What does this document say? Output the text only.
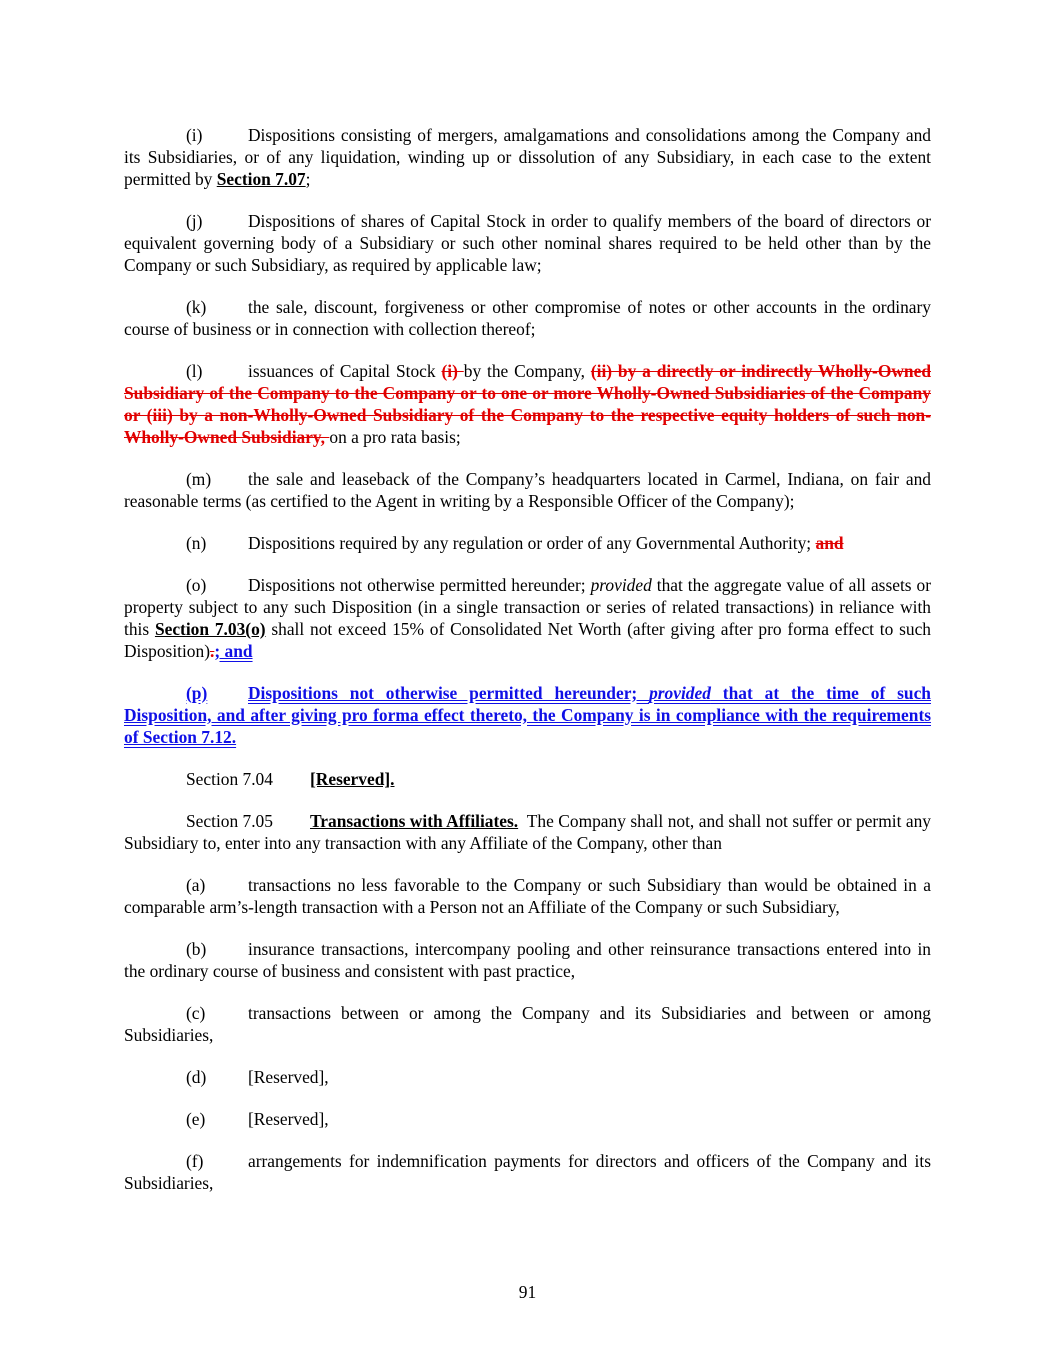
(i)	Dispositions consisting of mergers, amalgamations and consolidations among the Company and its Subsidiaries, or of any liquidation, winding up or dissolution of any Subsidiary, in each case to the extent permitted by Section 7.07;

(j)	Dispositions of shares of Capital Stock in order to qualify members of the board of directors or equivalent governing body of a Subsidiary or such other nominal shares required to be held other than by the Company or such Subsidiary, as required by applicable law;

(k) the sale, discount, forgiveness or other compromise of notes or other accounts in the ordinary course of business or in connection with collection thereof;

(l)	issuances of Capital Stock (i) by the Company, (ii) by a directly or indirectly Wholly-Owned Subsidiary of the Company to the Company or to one or more Wholly-Owned Subsidiaries of the Company or (iii) by a non-Wholly-Owned Subsidiary of the Company to the respective equity holders of such non-Wholly-Owned Subsidiary, on a pro rata basis;

(m) the sale and leaseback of the Company’s headquarters located in Carmel, Indiana, on fair and reasonable terms (as certified to the Agent in writing by a Responsible Officer of the Company);

(n) Dispositions required by any regulation or order of any Governmental Authority; and

(o) Dispositions not otherwise permitted hereunder; provided that the aggregate value of all assets or property subject to any such Disposition (in a single transaction or series of related transactions) in reliance with this Section 7.03(o) shall not exceed 15% of Consolidated Net Worth (after giving after pro forma effect to such Disposition).; and

(p) Dispositions not otherwise permitted hereunder; provided that at the time of such Disposition, and after giving pro forma effect thereto, the Company is in compliance with the requirements of Section 7.12.

Section 7.04 [Reserved].

Section 7.05 Transactions with Affiliates.  The Company shall not, and shall not suffer or permit any Subsidiary to, enter into any transaction with any Affiliate of the Company, other than

(a) transactions no less favorable to the Company or such Subsidiary than would be obtained in a comparable arm’s-length transaction with a Person not an Affiliate of the Company or such Subsidiary,

(b) insurance transactions, intercompany pooling and other reinsurance transactions entered into in the ordinary course of business and consistent with past practice,

(c) transactions between or among the Company and its Subsidiaries and between or among Subsidiaries,

(d) [Reserved],

(e) [Reserved],

(f)	arrangements for indemnification payments for directors and officers of the Company and its Subsidiaries,

91
